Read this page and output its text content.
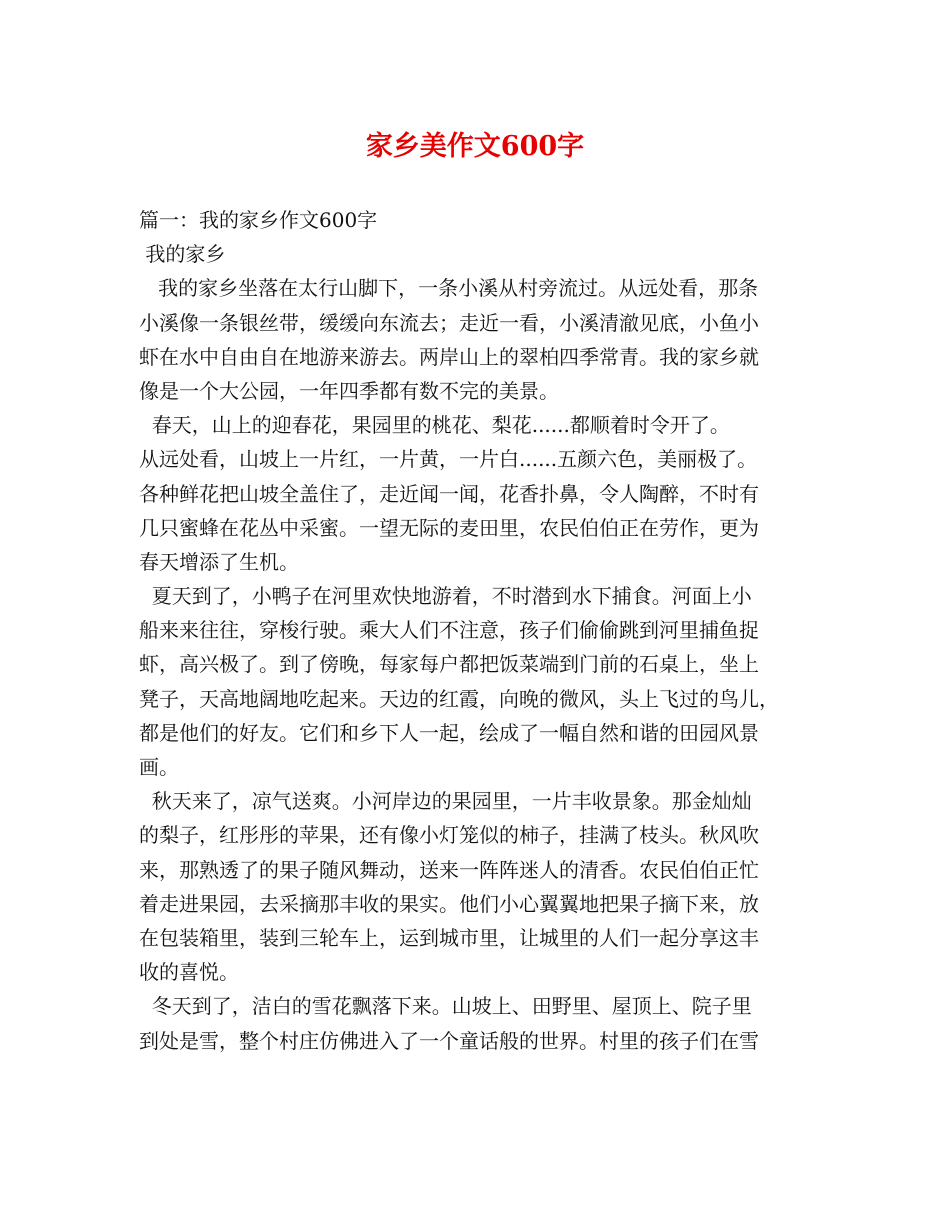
家乡美作文600字
篇一：我的家乡作文600字
我的家乡
我的家乡坐落在太行山脚下，一条小溪从村旁流过。从远处看，那条
小溪像一条银丝带，缓缓向东流去；走近一看，小溪清澈见底，小鱼小
虾在水中自由自在地游来游去。两岸山上的翠柏四季常青。我的家乡就
像是一个大公园，一年四季都有数不完的美景。
春天，山上的迎春花，果园里的桃花、梨花......都顺着时令开了。
从远处看，山坡上一片红，一片黄，一片白......五颜六色，美丽极了。
各种鲜花把山坡全盖住了，走近闻一闻，花香扑鼻，令人陶醉，不时有
几只蜜蜂在花丛中采蜜。一望无际的麦田里，农民伯伯正在劳作，更为
春天增添了生机。
夏天到了，小鸭子在河里欢快地游着，不时潜到水下捕食。河面上小
船来来往往，穿梭行驶。乘大人们不注意，孩子们偷偷跳到河里捕鱼捉
虾，高兴极了。到了傍晚，每家每户都把饭菜端到门前的石桌上，坐上
凳子，天高地阔地吃起来。天边的红霞，向晚的微风，头上飞过的鸟儿，
都是他们的好友。它们和乡下人一起，绘成了一幅自然和谐的田园风景
画。
秋天来了，凉气送爽。小河岸边的果园里，一片丰收景象。那金灿灿
的梨子，红彤彤的苹果，还有像小灯笼似的柿子，挂满了枝头。秋风吹
来，那熟透了的果子随风舞动，送来一阵阵迷人的清香。农民伯伯正忙
着走进果园，去采摘那丰收的果实。他们小心翼翼地把果子摘下来，放
在包装箱里，装到三轮车上，运到城市里，让城里的人们一起分享这丰
收的喜悦。
冬天到了，洁白的雪花飘落下来。山坡上、田野里、屋顶上、院子里
到处是雪，整个村庄仿佛进入了一个童话般的世界。村里的孩子们在雪
